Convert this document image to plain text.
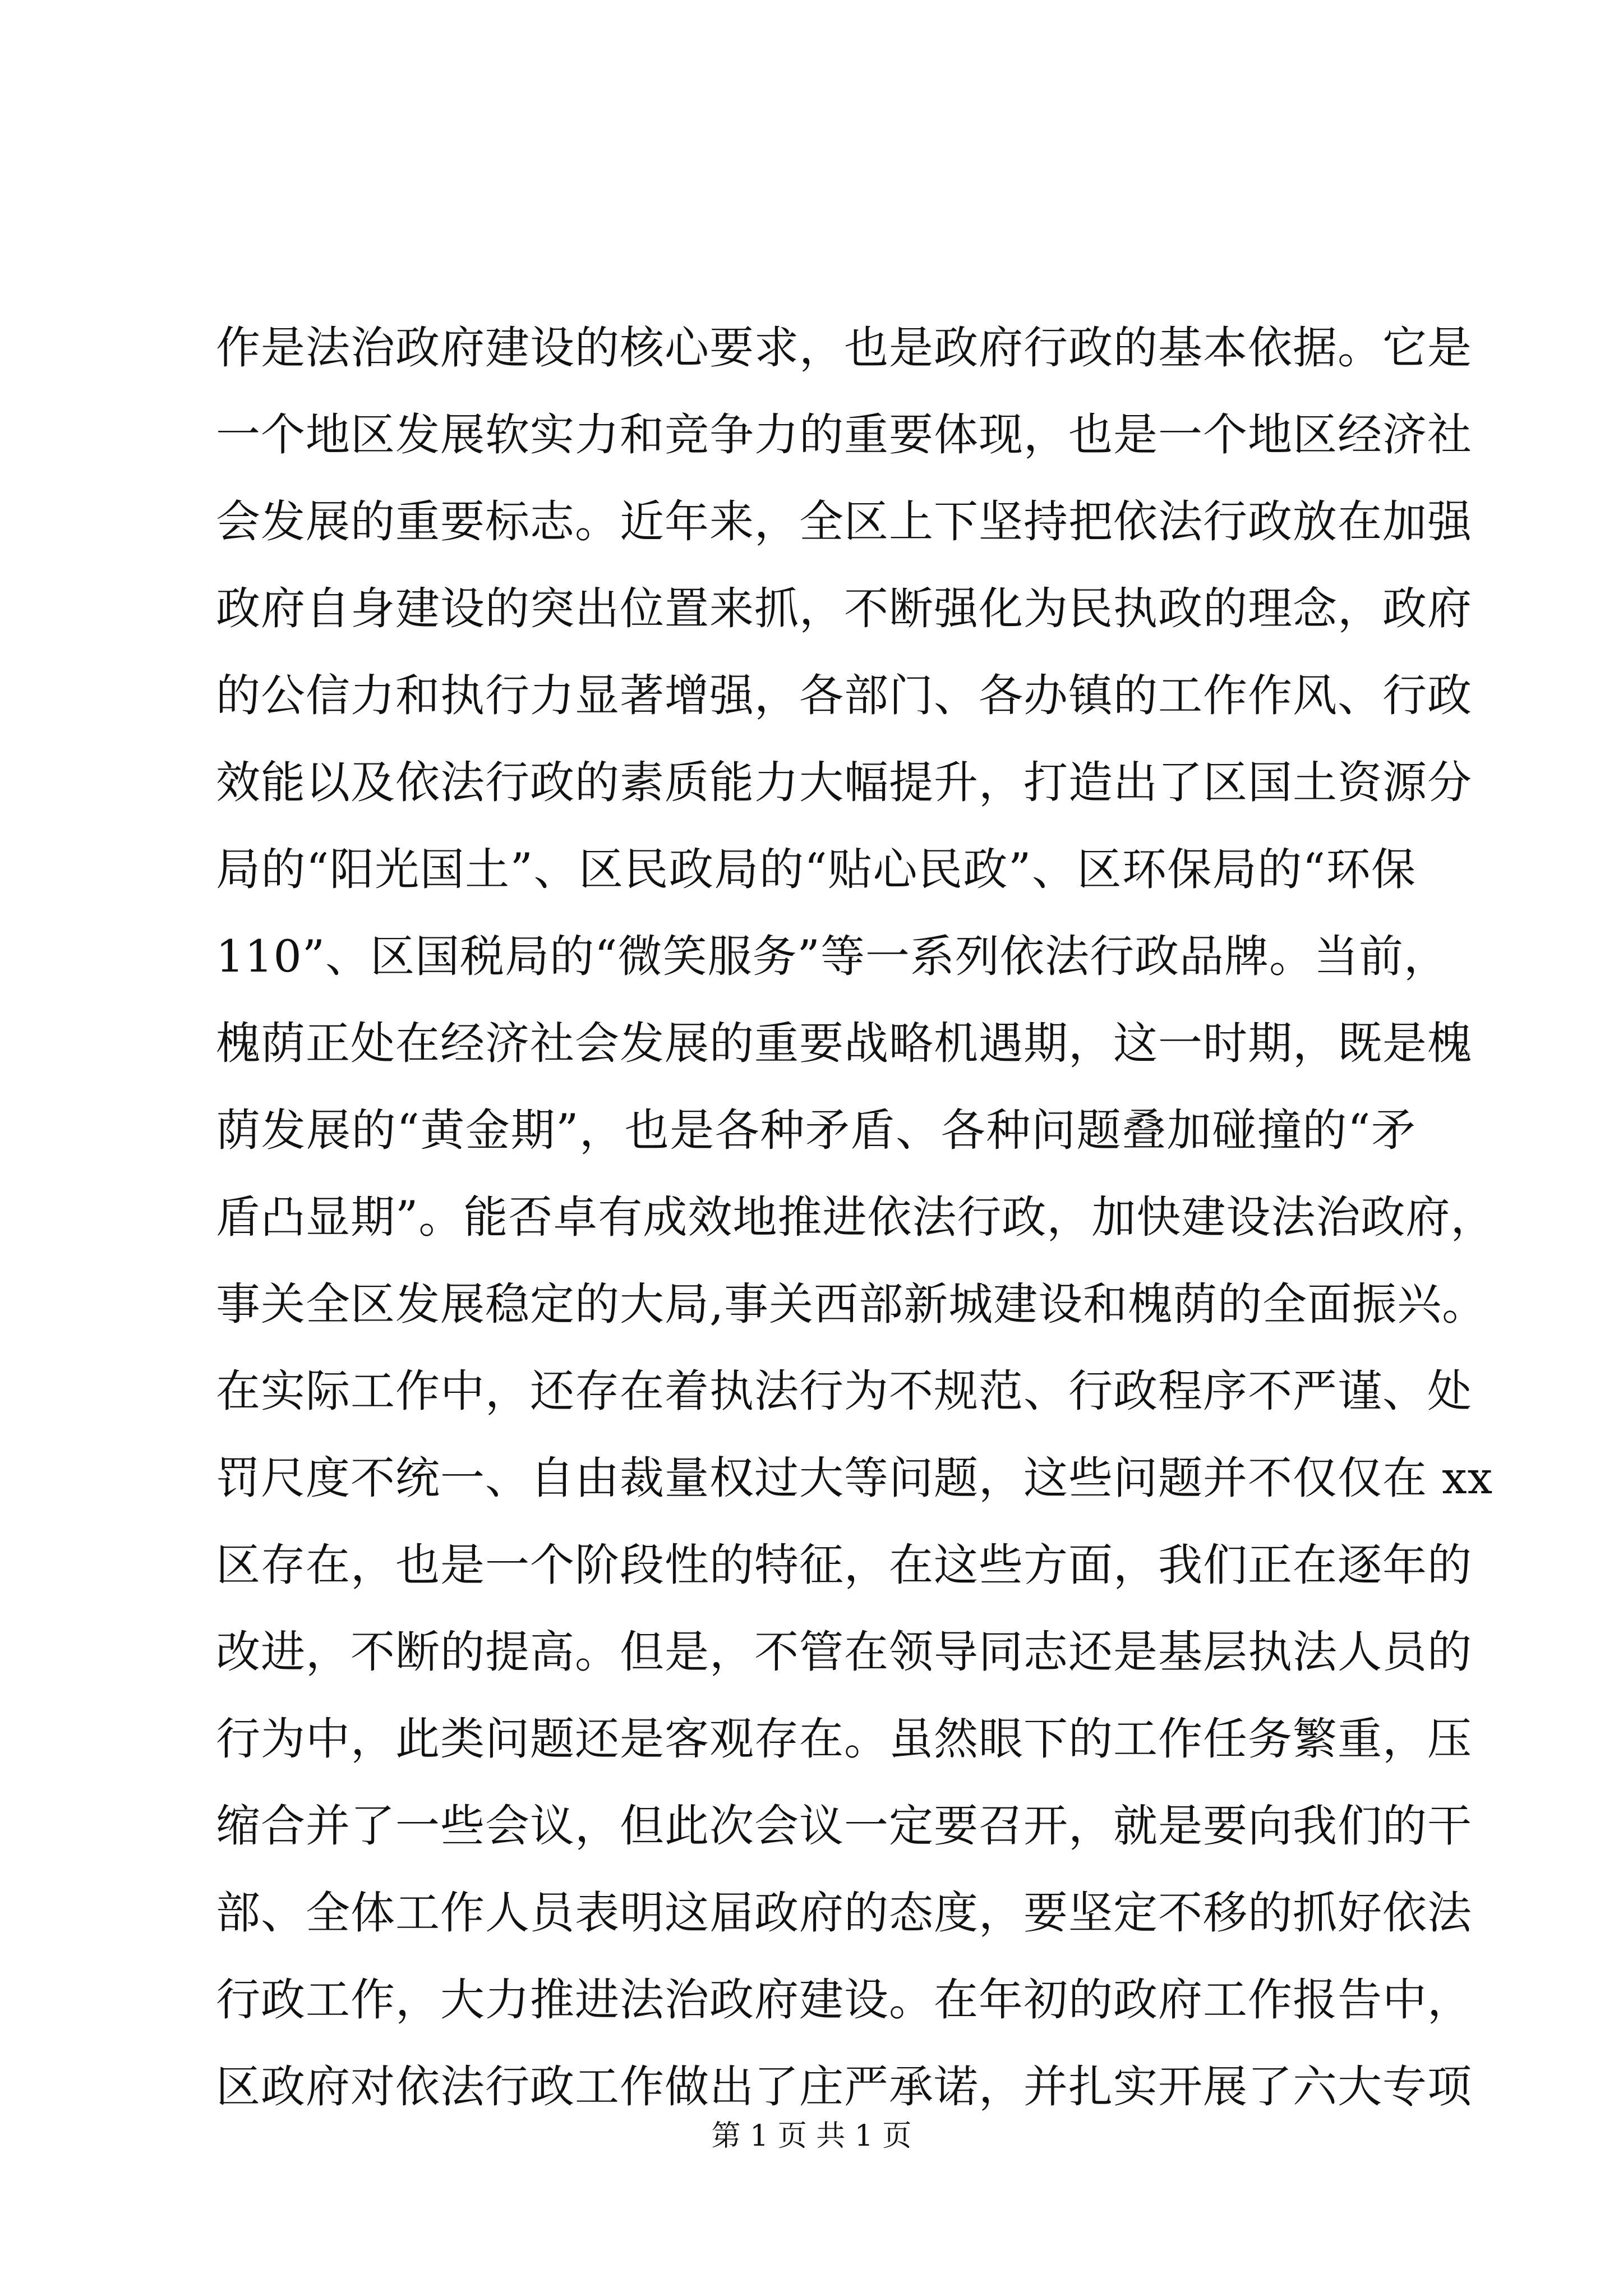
作是法治政府建设的核心要求，也是政府行政的基本依据。它是
一个地区发展软实力和竞争力的重要体现，也是一个地区经济社
会发展的重要标志。近年来，全区上下坚持把依法行政放在加强
政府自身建设的突出位置来抓，不断强化为民执政的理念，政府
的公信力和执行力显著增强，各部门、各办镇的工作作风、行政
效能以及依法行政的素质能力大幅提升，打造出了区国土资源分
局的“阳光国土”、区民政局的“贴心民政”、区环保局的“环保
110”、区国税局的“微笑服务”等一系列依法行政品牌。当前，
槐荫正处在经济社会发展的重要战略机遇期，这一时期，既是槐
荫发展的“黄金期”，也是各种矛盾、各种问题叠加碰撞的“矛
盾凸显期”。能否卓有成效地推进依法行政，加快建设法治政府，
事关全区发展稳定的大局,事关西部新城建设和槐荫的全面振兴。
在实际工作中，还存在着执法行为不规范、行政程序不严谨、处
罚尺度不统一、自由裁量权过大等问题，这些问题并不仅仅在 xx
区存在，也是一个阶段性的特征，在这些方面，我们正在逐年的
改进，不断的提高。但是，不管在领导同志还是基层执法人员的
行为中，此类问题还是客观存在。虽然眼下的工作任务繁重，压
缩合并了一些会议，但此次会议一定要召开，就是要向我们的干
部、全体工作人员表明这届政府的态度，要坚定不移的抓好依法
行政工作，大力推进法治政府建设。在年初的政府工作报告中，
区政府对依法行政工作做出了庄严承诺，并扎实开展了六大专项
第 1 页 共 1 页
